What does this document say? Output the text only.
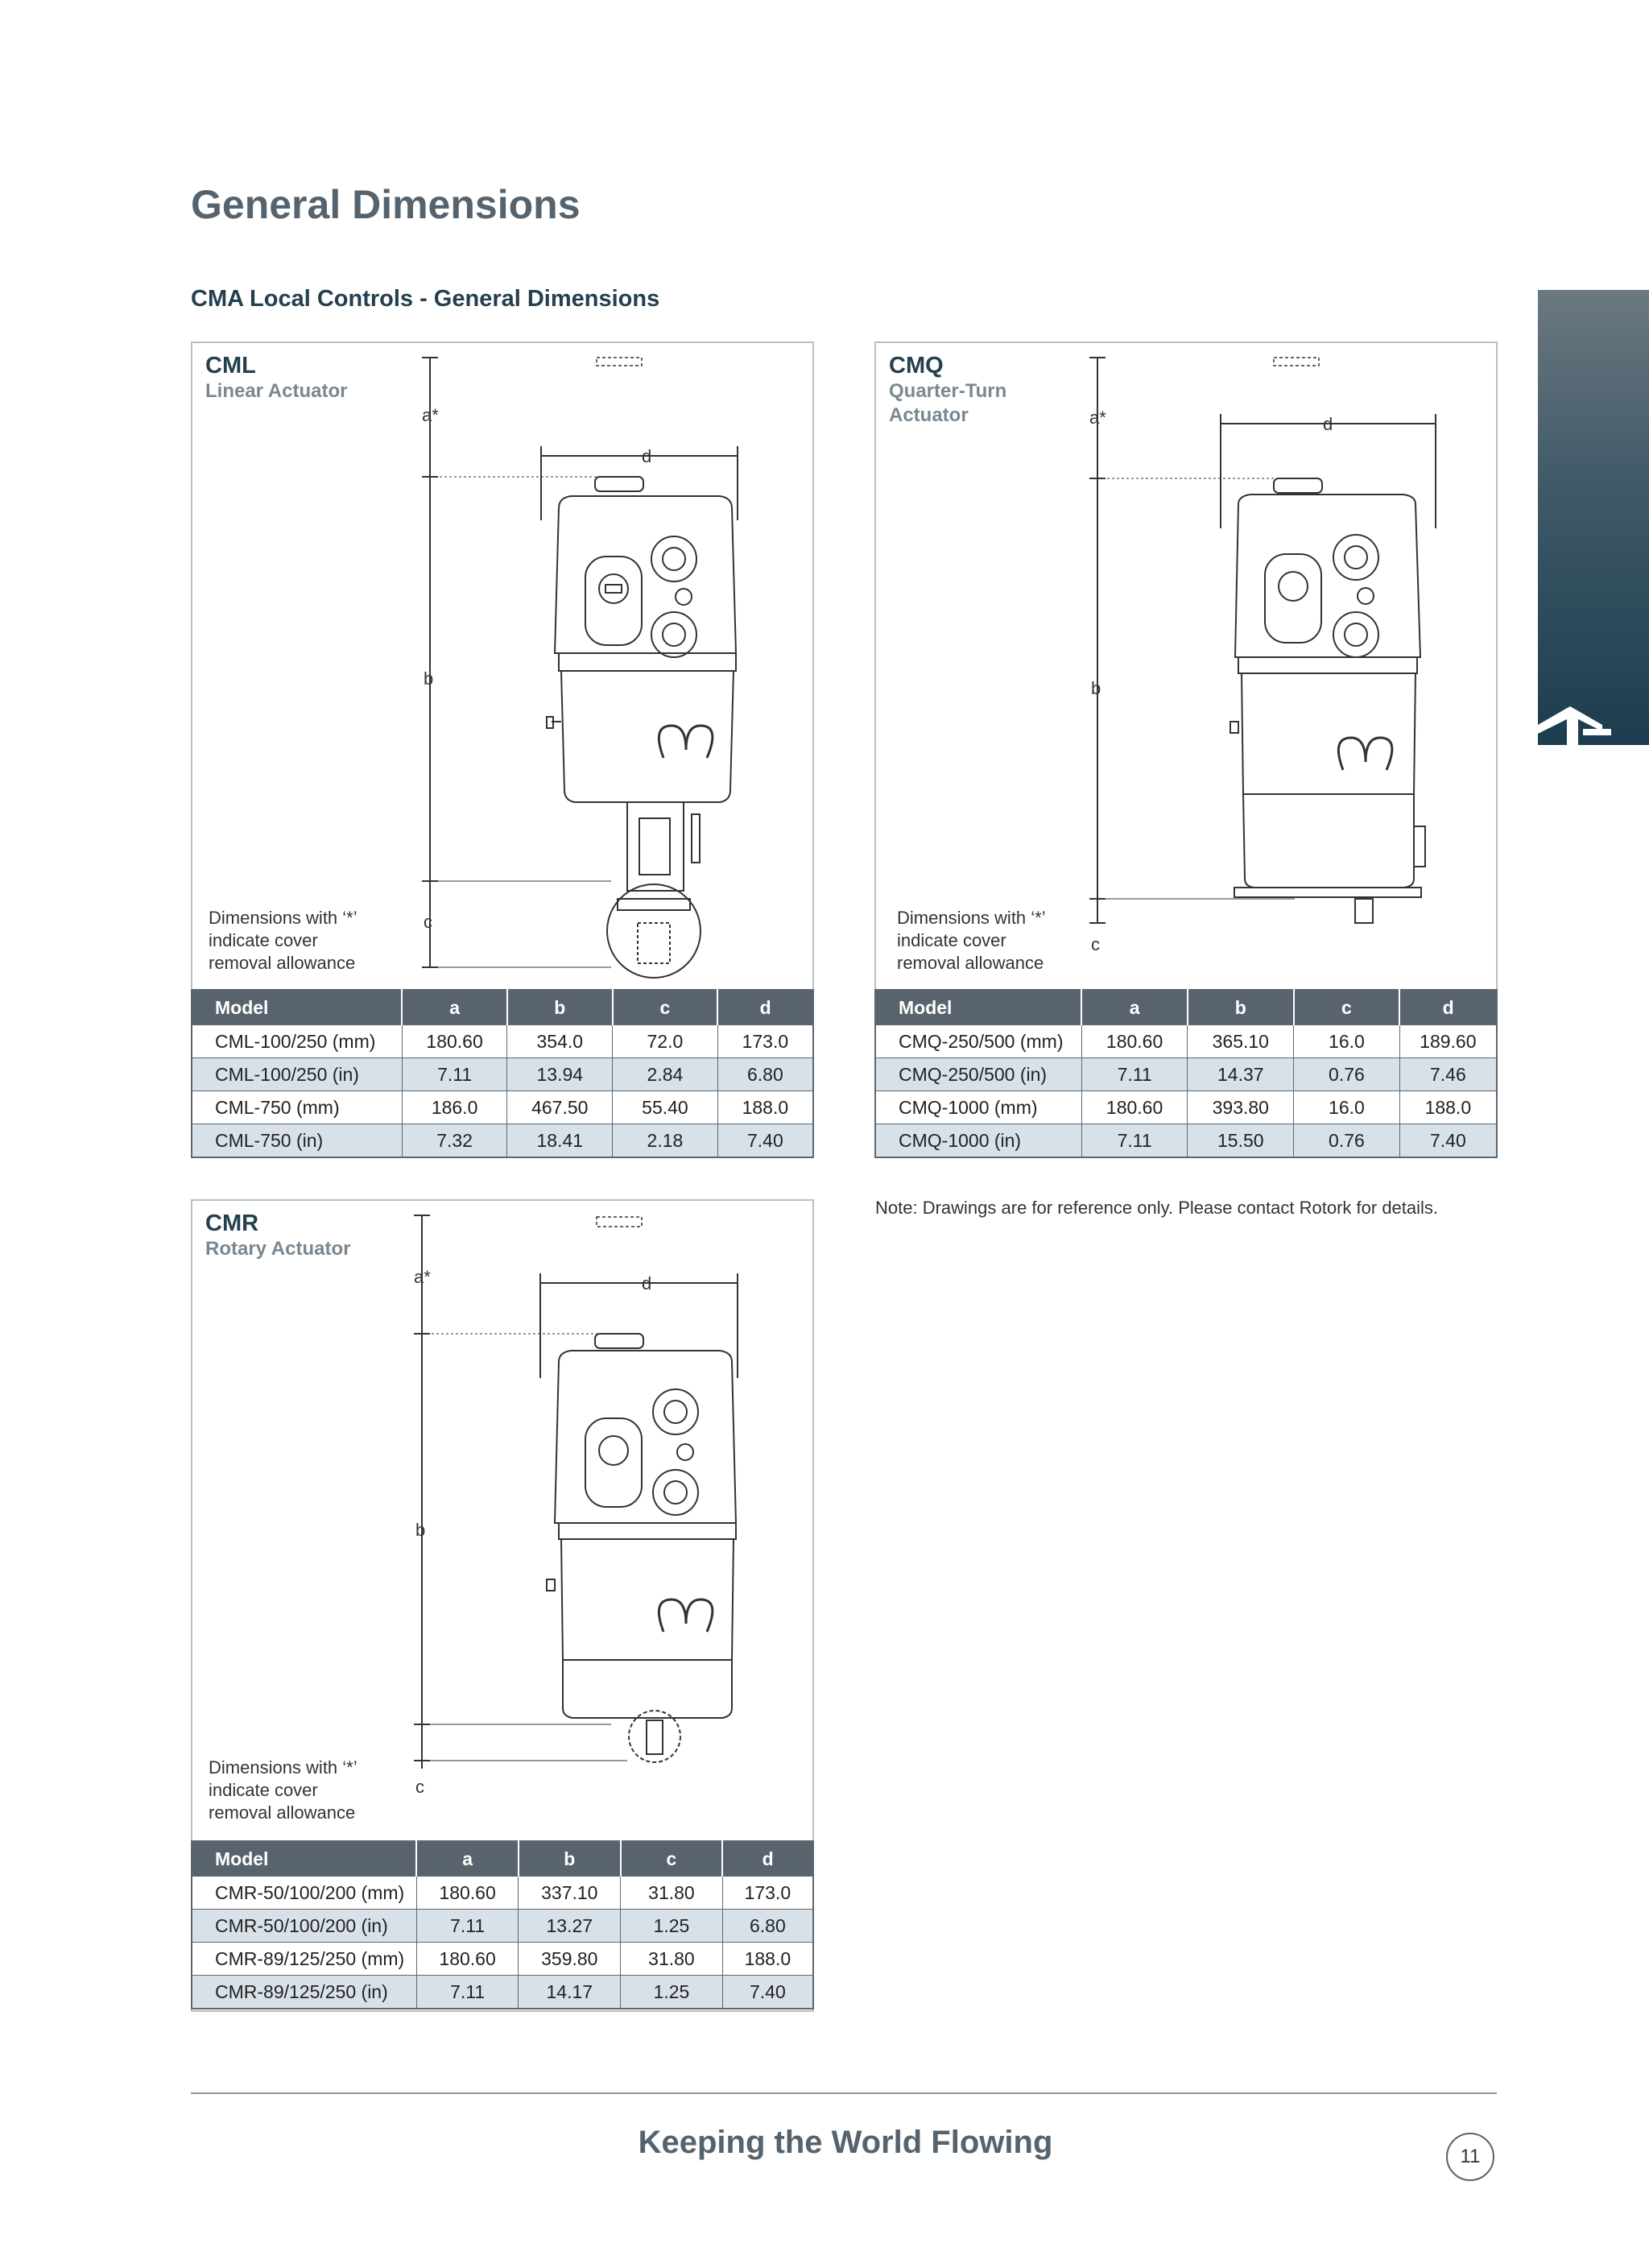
General Dimensions
CMA Local Controls - General Dimensions
CML
Linear Actuator
a*
b
c
d
Dimensions with ‘*’
indicate cover
removal allowance
Model	a	b	c	d
CML-100/250 (mm)	180.60	354.0	72.0	173.0
CML-100/250 (in)	7.11	13.94	2.84	6.80
CML-750 (mm)	186.0	467.50	55.40	188.0
CML-750 (in)	7.32	18.41	2.18	7.40
CMQ
Quarter-Turn
Actuator	a*
b
c
d
Dimensions with ‘*’
indicate cover
removal allowance
Model	a	b	c	d
CMQ-250/500 (mm)	180.60	365.10	16.0	189.60
CMQ-250/500 (in)	7.11	14.37	0.76	7.46
CMQ-1000 (mm)	180.60	393.80	16.0	188.0
CMQ-1000 (in)	7.11	15.50	0.76	7.40
Note: Drawings are for reference only. Please contact Rotork for details.
CMR
Rotary Actuator
a*
b
c
d
Dimensions with ‘*’
indicate cover
removal allowance
Model	a	b	c	d
CMR-50/100/200 (mm)	180.60	337.10	31.80	173.0
CMR-50/100/200 (in)	7.11	13.27	1.25	6.80
CMR-89/125/250 (mm)	180.60	359.80	31.80	188.0
CMR-89/125/250 (in)	7.11	14.17	1.25	7.40
Keeping the World Flowing	11
